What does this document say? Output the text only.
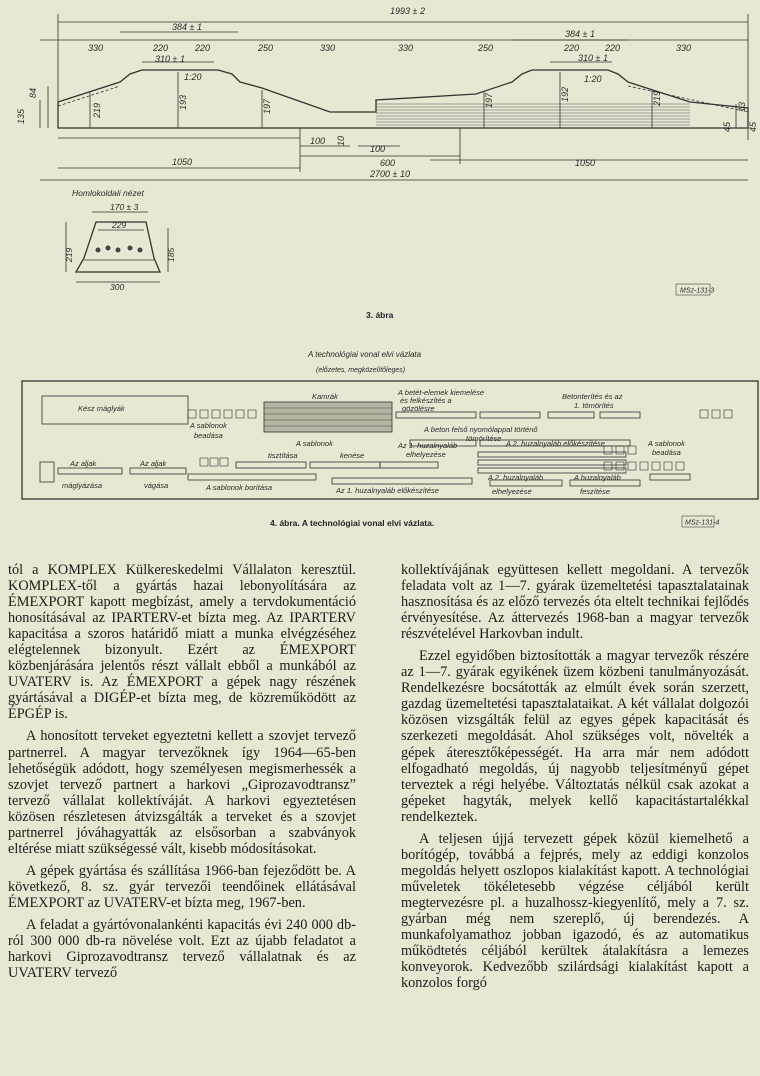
1993 ± 2
384 ± 1
384 ± 1
330	220	220	250	330	330	250	220	220	330
310 ± 1	310 ± 1
1:20	1:20
135
84
219
193	197	197	192	219
45
13
45
100
100
10
1050	600	1050
2700 ± 10
Homlokoldali nézet
170 ± 3
229
300
219	185
MSz-131-3
A technológiai vonal elvi vázlata
(előzetes, megközelítőleges)
Kész máglyák
Kamrák
A sablonok
beadása
A betét-elemek kiemelése
és felkészítés a
gözölésre
Betonterítés és az
1. tömörítés
A beton felső nyomólappal történő
tömörítése
A 2. huzalnyaláb előkészítése
A sablonok
tisztítása	kenése
Az 1. huzalnyaláb
elhelyezése
A sablonok
beadása
Az aljak
máglyázása
Az aljak
vágása	A sablonok borítása	Az 1. huzalnyaláb előkészítése
A 2. huzalnyaláb
elhelyezése
A huzalnyaláb
feszítése
MSz-131-4
3. ábra
4. ábra. A technológiai vonal elvi vázlata.

tól a KOMPLEX Külkereskedelmi Vállalaton keresztül. KOMPLEX-től a gyártás hazai lebonyolítására az ÉMEXPORT kapott megbízást, amely a tervdokumentáció honosításával az IPARTERV-et bízta meg. Az IPARTERV kapacitása a szoros határidő miatt a munka elvégzéséhez elégtelennek bizonyult. Ezért az ÉMEXPORT közbenjárására jelentős részt vállalt ebből a munkából az UVATERV is. Az ÉMEXPORT a gépek nagy részének gyártásával a DIGÉP-et bízta meg, de közreműködött az ÉPGÉP is.

A honosított terveket egyeztetni kellett a szovjet tervező partnerrel. A magyar tervezőknek így 1964—65-ben lehetőségük adódott, hogy személyesen megismerhessék a szovjet tervező partnert a harkovi „Giprozavodtranszˮ tervező vállalat kollektíváját. A harkovi egyeztetésen közösen részletesen átvizsgálták a terveket és a szovjet partnerrel jóváhagyatták az elsősorban a szabványok eltérése miatt szükségessé vált, kisebb módosításokat.

A gépek gyártása és szállítása 1966-ban fejeződött be. A következő, 8. sz. gyár tervezői teendőinek ellátásával ÉMEXPORT az UVATERV-et bízta meg, 1967-ben.

A feladat a gyártóvonalankénti kapacitás évi 240 000 db-ról 300 000 db-ra növelése volt. Ezt az újabb feladatot a harkovi Giprozavodtransz tervező vállalatnak és az UVATERV tervező

kollektívájának együttesen kellett megoldani. A tervezők feladata volt az 1—7. gyárak üzemeltetési tapasztalatainak hasznosítása és az előző tervezés óta eltelt technikai fejlődés érvényesítése. Az áttervezés 1968-ban a magyar tervezők részvételével Harkovban indult.

Ezzel egyidőben biztosították a magyar tervezők részére az 1—7. gyárak egyikének üzem közbeni tanulmányozását. Rendelkezésre bocsátották az elmúlt évek során szerzett, gazdag üzemeltetési tapasztalataikat. A két vállalat dolgozói közösen vizsgálták felül az egyes gépek kapacitását és szerkezeti megoldását. Ahol szükséges volt, növelték a gépek áteresztőképességét. Ha arra már nem adódott elfogadható megoldás, új nagyobb teljesítményű gépet terveztek a régi helyébe. Változtatás nélkül csak azokat a gépeket hagyták, melyek kellő kapacitástartalékkal rendelkeztek.

A teljesen újjá tervezett gépek közül kiemelhető a borítógép, továbbá a fejprés, mely az eddigi konzolos megoldás helyett oszlopos kialakítást kapott. A technológiai műveletek tökéletesebb végzése céljából került megtervezésre pl. a huzalhossz-kiegyenlítő, mely a 7. sz. gyárban még nem szereplő, új berendezés. A munkafolyamathoz jobban igazodó, és az automatikus működtetés céljából kerültek átalakításra a lemezes konveyorok. Kedvezőbb szilárdsági kialakítást kapott a konzolos forgó
